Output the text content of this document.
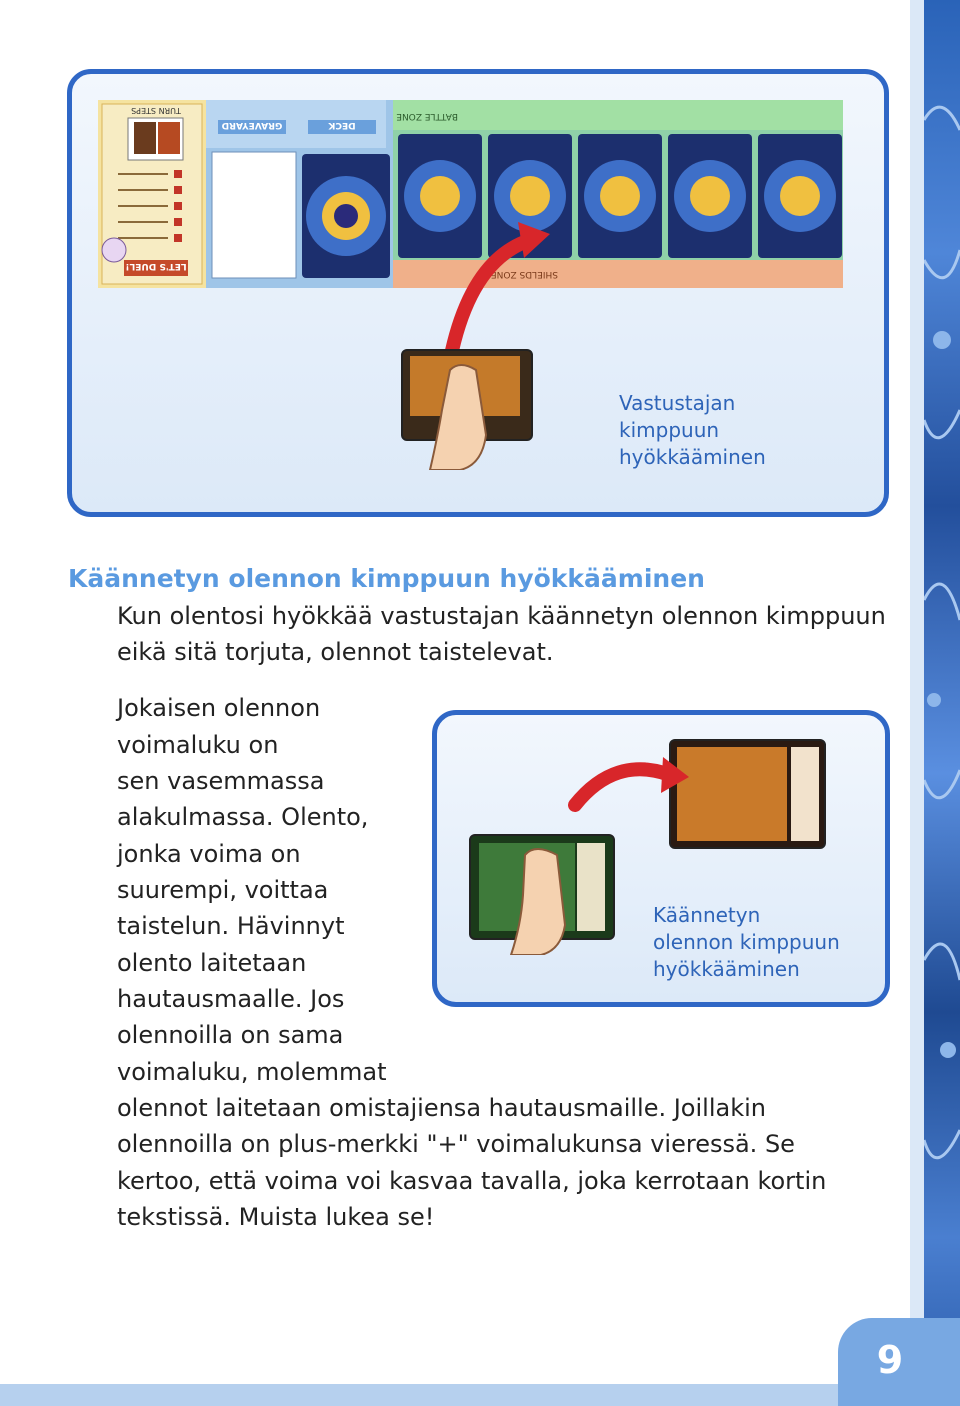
9
LET'S DUEL!
TURN STEPS
GRAVEYARD	DECK
BATTLE ZONE
SHIELDS ZONE
Vastustajan
kimppuun
hyökkääminen
Käännetyn olennon kimppuun hyökkääminen

Kun olentosi hyökkää vastustajan käännetyn olennon kimppuun eikä sitä torjuta, olennot taistelevat.

Käännetyn
olennon kimppuun
hyökkääminen
Jokaisen olennon
voimaluku on
sen vasemmassa
alakulmassa. Olento,
jonka voima on
suurempi, voittaa
taistelun. Hävinnyt
olento laitetaan
hautausmaalle. Jos
olennoilla on sama
voimaluku, molemmat
olennot laitetaan omistajiensa hautausmaille. Joillakin
olennoilla on plus-merkki "+" voimalukunsa vieressä. Se
kertoo, että voima voi kasvaa tavalla, joka kerrotaan kortin
tekstissä. Muista lukea se!
